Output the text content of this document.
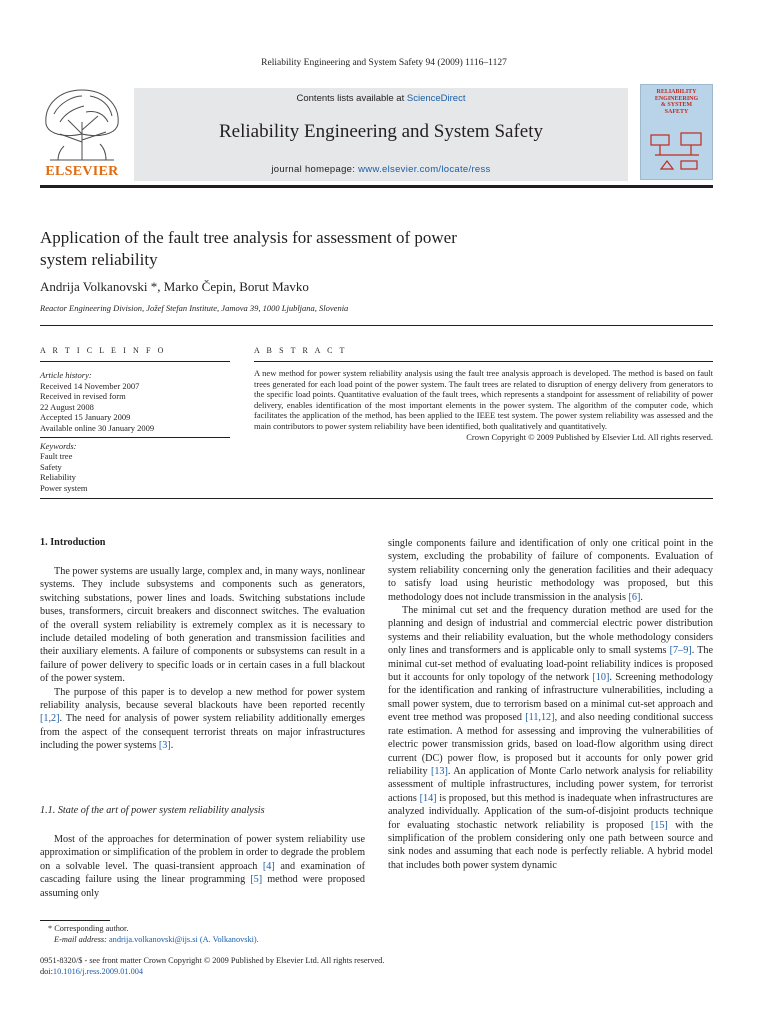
Reliability Engineering and System Safety 94 (2009) 1116–1127
ELSEVIER
Contents lists available at ScienceDirect
Reliability Engineering and System Safety
journal homepage: www.elsevier.com/locate/ress
RELIABILITY
ENGINEERING
& SYSTEM
SAFETY
Application of the fault tree analysis for assessment of power
system reliability
Andrija Volkanovski *, Marko Čepin, Borut Mavko
Reactor Engineering Division, Jožef Stefan Institute, Jamova 39, 1000 Ljubljana, Slovenia
A R T I C L E I N F O
Article history:
Received 14 November 2007
Received in revised form
22 August 2008
Accepted 15 January 2009
Available online 30 January 2009
Keywords:
Fault tree
Safety
Reliability
Power system
A B S T R A C T
A new method for power system reliability analysis using the fault tree analysis approach is developed. The method is based on fault trees generated for each load point of the power system. The fault trees are related to disruption of energy delivery from generators to the specific load points. Quantitative evaluation of the fault trees, which represents a standpoint for assessment of reliability of power delivery, enables identification of the most important elements in the power system. The algorithm of the computer code, which facilitates the application of the method, has been applied to the IEEE test system. The power system reliability was assessed and the main contributors to power system reliability have been identified, both qualitatively and quantitatively.
Crown Copyright © 2009 Published by Elsevier Ltd. All rights reserved.
1. Introduction

The power systems are usually large, complex and, in many ways, nonlinear systems. They include subsystems and components such as generators, switching substations, power lines and loads. Switching substations include buses, transformers, circuit breakers and disconnect switches. The evaluation of the overall system reliability is extremely complex as it is necessary to include detailed modeling of both generation and transmission facilities and their auxiliary elements. A failure of components or subsystems can result in a failure of power delivery to specific loads or in certain cases in a full blackout of the power system.

The purpose of this paper is to develop a new method for power system reliability analysis, because several blackouts have been reported recently [1,2]. The need for analysis of power system reliability additionally emerges from the aspect of the consequent terrorist threats on major infrastructures including the power systems [3].

1.1. State of the art of power system reliability analysis

Most of the approaches for determination of power system reliability use approximation or simplification of the problem in order to degrade the problem on a solvable level. The quasi-transient approach [4] and examination of cascading failure using the linear programming [5] method were proposed assuming only

single components failure and identification of only one critical point in the system, excluding the probability of failure of components. Evaluation of system reliability concerning only the generation facilities and their adequacy to satisfy load using heuristic methodology was proposed, but this methodology does not include transmission in the analysis [6].

The minimal cut set and the frequency duration method are used for the planning and design of industrial and commercial electric power distribution systems and their reliability evaluation, but the whole methodology considers only lines and transformers and is applicable only to small systems [7–9]. The minimal cut-set method of evaluating load-point reliability indices is proposed but it accounts for only topology of the network [10]. Screening methodology for the identification and ranking of infrastructure vulnerabilities, including a small power system, due to terrorism based on a minimal cut-set approach and event tree method was proposed [11,12], and also needing conditional success rate estimation. A method for assessing and improving the vulnerabilities of electric power transmission grids, based on load-flow algorithm using direct current (DC) power flow, is proposed but it accounts for only power grid reliability [13]. An application of Monte Carlo network analysis for reliability assessment of multiple infrastructures, including power system, for terrorist actions [14] is proposed, but this method is inadequate when infrastructures are analyzed individually. Application of the sum-of-disjoint products technique for evaluating stochastic network reliability is proposed [15] with the simplification of the problem considering only one path between source and sink nodes and assuming that each node is perfectly reliable. A hybrid model that includes both power system dynamic

* Corresponding author.
E-mail address: andrija.volkanovski@ijs.si (A. Volkanovski).
0951-8320/$ - see front matter Crown Copyright © 2009 Published by Elsevier Ltd. All rights reserved.
doi:10.1016/j.ress.2009.01.004
